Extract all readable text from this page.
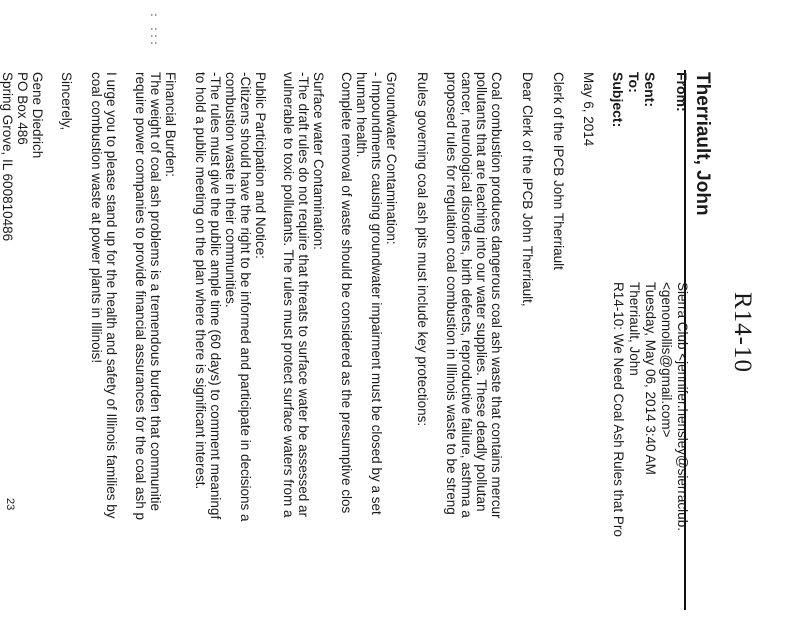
Therriault, John
R14-10
From:
Sierra Club <jennifer.hensley@sierraclub.
<genomollis@gmail.com>
Sent:
Tuesday, May 06, 2014 3:40 AM
To:
Therriault, John
Subject:
R14-10: We Need Coal Ash Rules that Pro
May 6, 2014
Clerk of the IPCB John Therriault
Dear Clerk of the IPCB John Therriault,
Coal combustion produces dangerous coal ash waste that contains mercur
pollutants that are leaching into our water supplies. These deadly pollutan
cancer, neurological disorders, birth defects, reproductive failure, asthma a
proposed rules for regulation coal combustion in Illinois waste to be streng
Rules governing coal ash pits must include key protections:
Groundwater Contamination:
- Impoundments causing groundwater impairment must be closed by a set
human health.
Complete removal of waste should be considered as the presumptive clos
Surface water Contamination:
-The draft rules do not require that threats to surface water be assessed ar
vulnerable to toxic pollutants. The rules must protect surface waters from a
Public Participation and Notice:
-Citizens should have the right to be informed and participate in decisions a
combustion waste in their communities.
-The rules must give the public ample time (60 days) to comment meaningf
to hold a public meeting on the plan where there is significant interest.
Financial Burden:
The weight of coal ash problems is a tremendous burden that communitie
require power companies to provide financial assurances for the coal ash p
I urge you to please stand up for the health and safety of Illinois families by
coal combustion waste at power plants in Illinois!
Sincerely,
Gene Diedrich
PO Box 486
Spring Grove, IL 600810486
23
: :::
